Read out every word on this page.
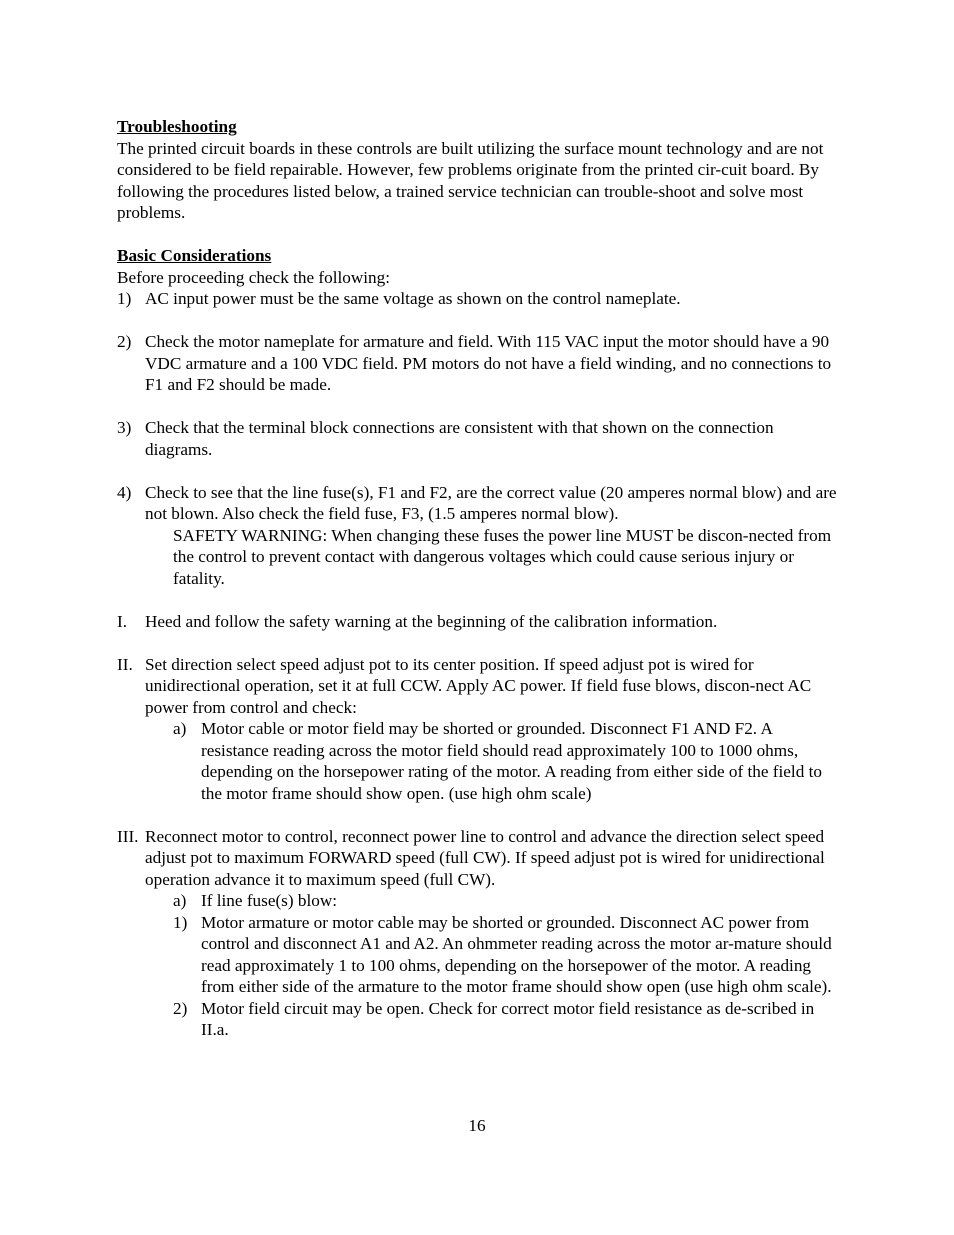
Troubleshooting

The printed circuit boards in these controls are built utilizing the surface mount technology and are not considered to be field repairable. However, few problems originate from the printed cir-cuit board. By following the procedures listed below, a trained service technician can trouble-shoot and solve most problems.

Basic Considerations

Before proceeding check the following:

1) AC input power must be the same voltage as shown on the control nameplate.
2) Check the motor nameplate for armature and field. With 115 VAC input the motor should have a 90 VDC armature and a 100 VDC field. PM motors do not have a field winding, and no connections to F1 and F2 should be made.
3) Check that the terminal block connections are consistent with that shown on the connection diagrams.
4) Check to see that the line fuse(s), F1 and F2, are the correct value (20 amperes normal blow) and are not blown. Also check the field fuse, F3, (1.5 amperes normal blow).

SAFETY WARNING: When changing these fuses the power line MUST be discon-nected from the control to prevent contact with dangerous voltages which could cause serious injury or fatality.

I. Heed and follow the safety warning at the beginning of the calibration information.
II. Set direction select speed adjust pot to its center position. If speed adjust pot is wired for unidirectional operation, set it at full CCW. Apply AC power. If field fuse blows, discon-nect AC power from control and check:
a) Motor cable or motor field may be shorted or grounded. Disconnect F1 AND F2. A resistance reading across the motor field should read approximately 100 to 1000 ohms, depending on the horsepower rating of the motor. A reading from either side of the field to the motor frame should show open. (use high ohm scale)
III. Reconnect motor to control, reconnect power line to control and advance the direction select speed adjust pot to maximum FORWARD speed (full CW). If speed adjust pot is wired for unidirectional operation advance it to maximum speed (full CW).
a) If line fuse(s) blow:
1) Motor armature or motor cable may be shorted or grounded. Disconnect AC power from control and disconnect A1 and A2. An ohmmeter reading across the motor ar-mature should read approximately 1 to 100 ohms, depending on the horsepower of the motor. A reading from either side of the armature to the motor frame should show open (use high ohm scale).
2) Motor field circuit may be open. Check for correct motor field resistance as de-scribed in II.a.
16
